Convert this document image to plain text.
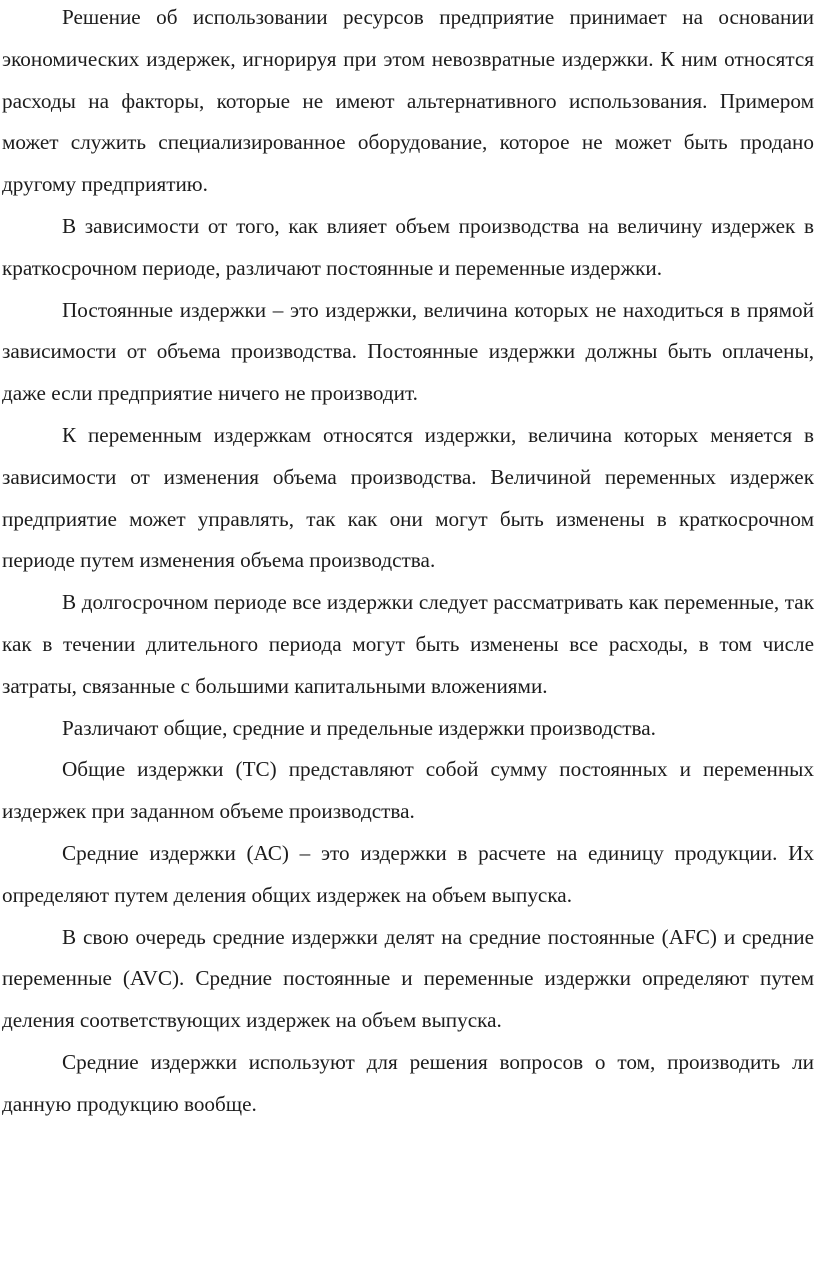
Решение об использовании ресурсов предприятие принимает на основании экономических издержек, игнорируя при этом невозвратные издержки. К ним относятся расходы на факторы, которые не имеют альтернативного использования. Примером может служить специализированное оборудование, которое не может быть продано другому предприятию.

В зависимости от того, как влияет объем производства на величину издержек в краткосрочном периоде, различают постоянные и переменные издержки.

Постоянные издержки – это издержки, величина которых не находиться в прямой зависимости от объема производства. Постоянные издержки должны быть оплачены, даже если предприятие ничего не производит.

К переменным издержкам относятся издержки, величина которых меняется в зависимости от изменения объема производства. Величиной переменных издержек предприятие может управлять, так как они могут быть изменены в краткосрочном периоде путем изменения объема производства.

В долгосрочном периоде все издержки следует рассматривать как переменные, так как в течении длительного периода могут быть изменены все расходы, в том числе затраты, связанные с большими капитальными вложениями.

Различают общие, средние и предельные издержки производства.

Общие издержки (ТС) представляют собой сумму постоянных и переменных издержек при заданном объеме производства.

Средние издержки (АС) – это издержки в расчете на единицу продукции. Их определяют путем деления общих издержек на объем выпуска.

В свою очередь средние издержки делят на средние постоянные (AFC) и средние переменные (AVC). Средние постоянные и переменные издержки определяют путем деления соответствующих издержек на объем выпуска.

Средние издержки используют для решения вопросов о том, производить ли данную продукцию вообще.
